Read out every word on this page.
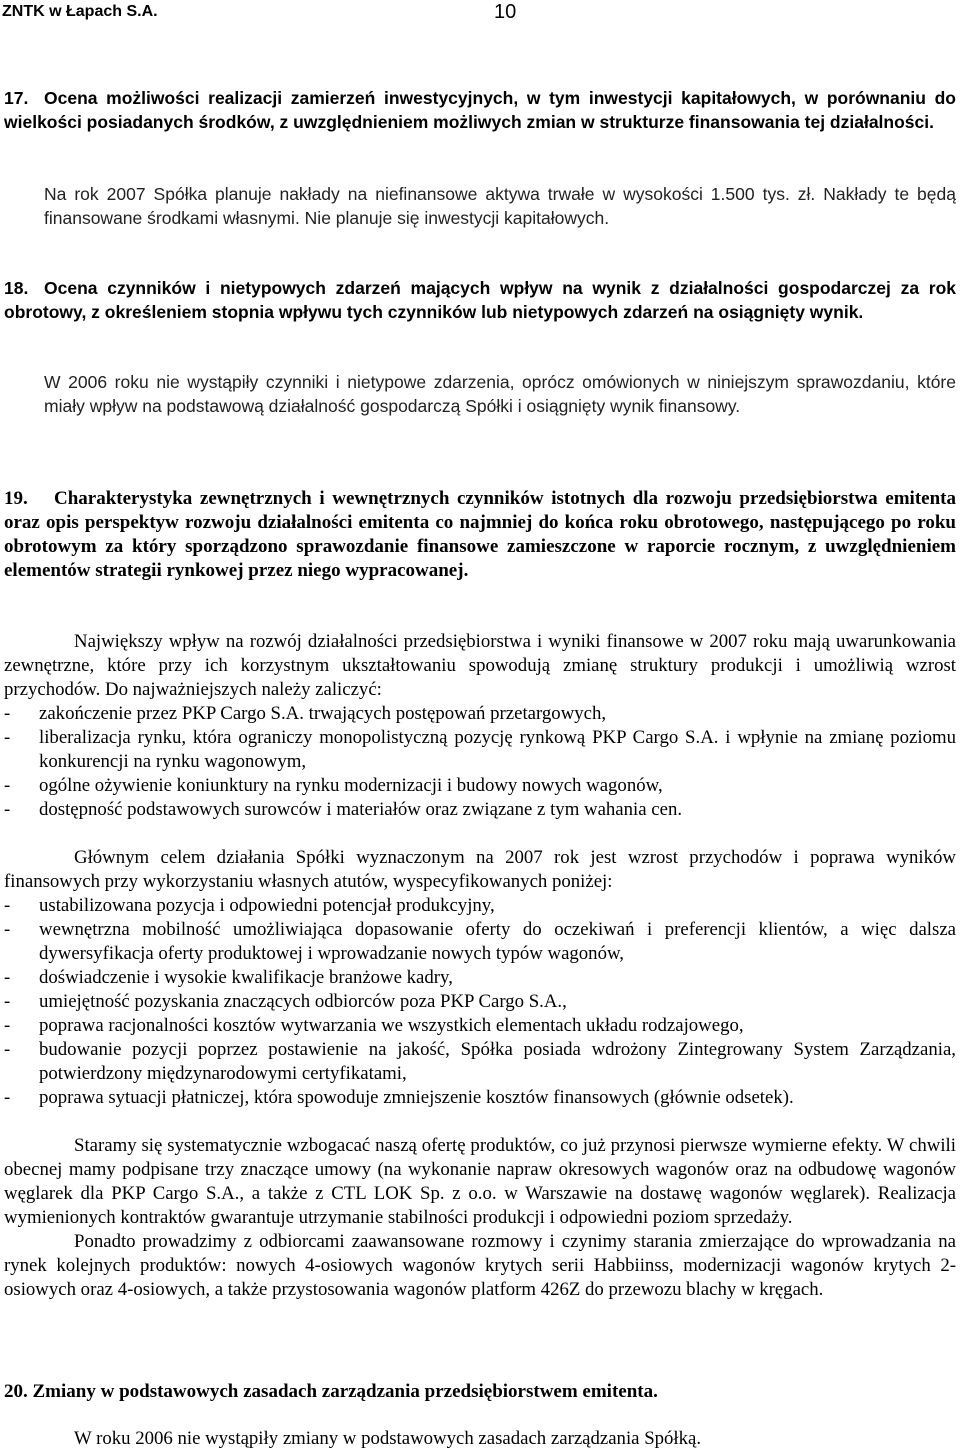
ZNTK w Łapach S.A.	10
17. Ocena możliwości realizacji zamierzeń inwestycyjnych, w tym inwestycji kapitałowych, w porównaniu do wielkości posiadanych środków, z uwzględnieniem możliwych zmian w strukturze finansowania tej działalności.
Na rok 2007 Spółka planuje nakłady na niefinansowe aktywa trwałe w wysokości 1.500 tys. zł. Nakłady te będą finansowane środkami własnymi. Nie planuje się inwestycji kapitałowych.
18. Ocena czynników i nietypowych zdarzeń mających wpływ na wynik z działalności gospodarczej za rok obrotowy, z określeniem stopnia wpływu tych czynników lub nietypowych zdarzeń na osiągnięty wynik.
W 2006 roku nie wystąpiły czynniki i nietypowe zdarzenia, oprócz omówionych w niniejszym sprawozdaniu, które miały wpływ na podstawową działalność gospodarczą Spółki i osiągnięty wynik finansowy.
19. Charakterystyka zewnętrznych i wewnętrznych czynników istotnych dla rozwoju przedsiębiorstwa emitenta oraz opis perspektyw rozwoju działalności emitenta co najmniej do końca roku obrotowego, następującego po roku obrotowym za który sporządzono sprawozdanie finansowe zamieszczone w raporcie rocznym, z uwzględnieniem elementów strategii rynkowej przez niego wypracowanej.
Największy wpływ na rozwój działalności przedsiębiorstwa i wyniki finansowe w 2007 roku mają uwarunkowania zewnętrzne, które przy ich korzystnym ukształtowaniu spowodują zmianę struktury produkcji i umożliwią wzrost przychodów. Do najważniejszych należy zaliczyć:
- zakończenie przez PKP Cargo S.A. trwających postępowań przetargowych,
- liberalizacja rynku, która ograniczy monopolistyczną pozycję rynkową PKP Cargo S.A. i wpłynie na zmianę poziomu konkurencji na rynku wagonowym,
- ogólne ożywienie koniunktury na rynku modernizacji i budowy nowych wagonów,
- dostępność podstawowych surowców i materiałów oraz związane z tym wahania cen.
Głównym celem działania Spółki wyznaczonym na 2007 rok jest wzrost przychodów i poprawa wyników finansowych przy wykorzystaniu własnych atutów, wyspecyfikowanych poniżej:
- ustabilizowana pozycja i odpowiedni potencjał produkcyjny,
- wewnętrzna mobilność umożliwiająca dopasowanie oferty do oczekiwań i preferencji klientów, a więc dalsza dywersyfikacja oferty produktowej i wprowadzanie nowych typów wagonów,
- doświadczenie i wysokie kwalifikacje branżowe kadry,
- umiejętność pozyskania znaczących odbiorców poza PKP Cargo S.A.,
- poprawa racjonalności kosztów wytwarzania we wszystkich elementach układu rodzajowego,
- budowanie pozycji poprzez postawienie na jakość, Spółka posiada wdrożony Zintegrowany System Zarządzania, potwierdzony międzynarodowymi certyfikatami,
- poprawa sytuacji płatniczej, która spowoduje zmniejszenie kosztów finansowych (głównie odsetek).
Staramy się systematycznie wzbogacać naszą ofertę produktów, co już przynosi pierwsze wymierne efekty. W chwili obecnej mamy podpisane trzy znaczące umowy (na wykonanie napraw okresowych wagonów oraz na odbudowę wagonów węglarek dla PKP Cargo S.A., a także z CTL LOK Sp. z o.o. w Warszawie na dostawę wagonów węglarek). Realizacja wymienionych kontraktów gwarantuje utrzymanie stabilności produkcji i odpowiedni poziom sprzedaży.
Ponadto prowadzimy z odbiorcami zaawansowane rozmowy i czynimy starania zmierzające do wprowadzania na rynek kolejnych produktów: nowych 4-osiowych wagonów krytych serii Habbiinss, modernizacji wagonów krytych 2-osiowych oraz 4-osiowych, a także przystosowania wagonów platform 426Z do przewozu blachy w kręgach.
20. Zmiany w podstawowych zasadach zarządzania przedsiębiorstwem emitenta.
W roku 2006 nie wystąpiły zmiany w podstawowych zasadach zarządzania Spółką.
